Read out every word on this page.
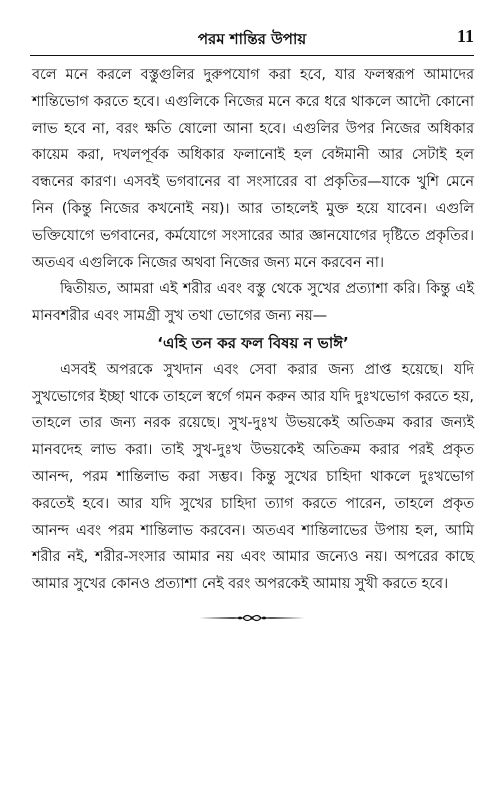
পরম শান্তির উপায়	11

বলে মনে করলে বস্তুগুলির দুরুপযোগ করা হবে, যার ফলস্বরূপ আমাদের শান্তিভোগ করতে হবে। এগুলিকে নিজের মনে করে ধরে থাকলে আদৌ কোনো লাভ হবে না, বরং ক্ষতি ষোলো আনা হবে। এগুলির উপর নিজের অধিকার কায়েম করা, দখলপূর্বক অধিকার ফলানোই হল বেঈমানী আর সেটাই হল বন্ধনের কারণ। এসবই ভগবানের বা সংসারের বা প্রকৃতির—যাকে খুশি মেনে নিন (কিন্তু নিজের কখনোই নয়)। আর তাহলেই মুক্ত হয়ে যাবেন। এগুলি ভক্তিযোগে ভগবানের, কর্মযোগে সংসারের আর জ্ঞানযোগের দৃষ্টিতে প্রকৃতির। অতএব এগুলিকে নিজের অথবা নিজের জন্য মনে করবেন না।

দ্বিতীয়ত, আমরা এই শরীর এবং বস্তু থেকে সুখের প্রত্যাশা করি। কিন্তু এই মানবশরীর এবং সামগ্রী সুখ তথা ভোগের জন্য নয়—

‘এহি তন কর ফল বিষয় ন ভাঈ’

এসবই অপরকে সুখদান এবং সেবা করার জন্য প্রাপ্ত হয়েছে। যদি সুখভোগের ইচ্ছা থাকে তাহলে স্বর্গে গমন করুন আর যদি দুঃখভোগ করতে হয়, তাহলে তার জন্য নরক রয়েছে। সুখ-দুঃখ উভয়কেই অতিক্রম করার জন্যই মানবদেহ লাভ করা। তাই সুখ-দুঃখ উভয়কেই অতিক্রম করার পরই প্রকৃত আনন্দ, পরম শান্তিলাভ করা সম্ভব। কিন্তু সুখের চাহিদা থাকলে দুঃখভোগ করতেই হবে। আর যদি সুখের চাহিদা ত্যাগ করতে পারেন, তাহলে প্রকৃত আনন্দ এবং পরম শান্তিলাভ করবেন। অতএব শান্তিলাভের উপায় হল, আমি শরীর নই, শরীর-সংসার আমার নয় এবং আমার জন্যেও নয়। অপরের কাছে আমার সুখের কোনও প্রত্যাশা নেই বরং অপরকেই আমায় সুখী করতে হবে।
